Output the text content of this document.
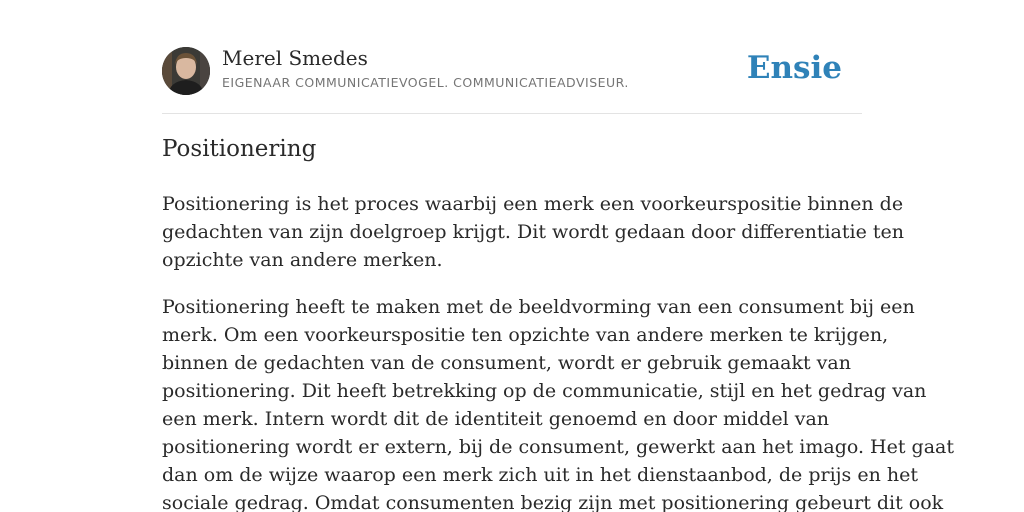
Merel Smedes
EIGENAAR COMMUNICATIEVOGEL. COMMUNICATIEADVISEUR.	Ensie
Positionering

Positionering is het proces waarbij een merk een voorkeurspositie binnen de
gedachten van zijn doelgroep krijgt. Dit wordt gedaan door differentiatie ten
opzichte van andere merken.

Positionering heeft te maken met de beeldvorming van een consument bij een
merk. Om een voorkeurspositie ten opzichte van andere merken te krijgen,
binnen de gedachten van de consument, wordt er gebruik gemaakt van
positionering. Dit heeft betrekking op de communicatie, stijl en het gedrag van
een merk. Intern wordt dit de identiteit genoemd en door middel van
positionering wordt er extern, bij de consument, gewerkt aan het imago. Het gaat
dan om de wijze waarop een merk zich uit in het dienstaanbod, de prijs en het
sociale gedrag. Omdat consumenten bezig zijn met positionering gebeurt dit ook
